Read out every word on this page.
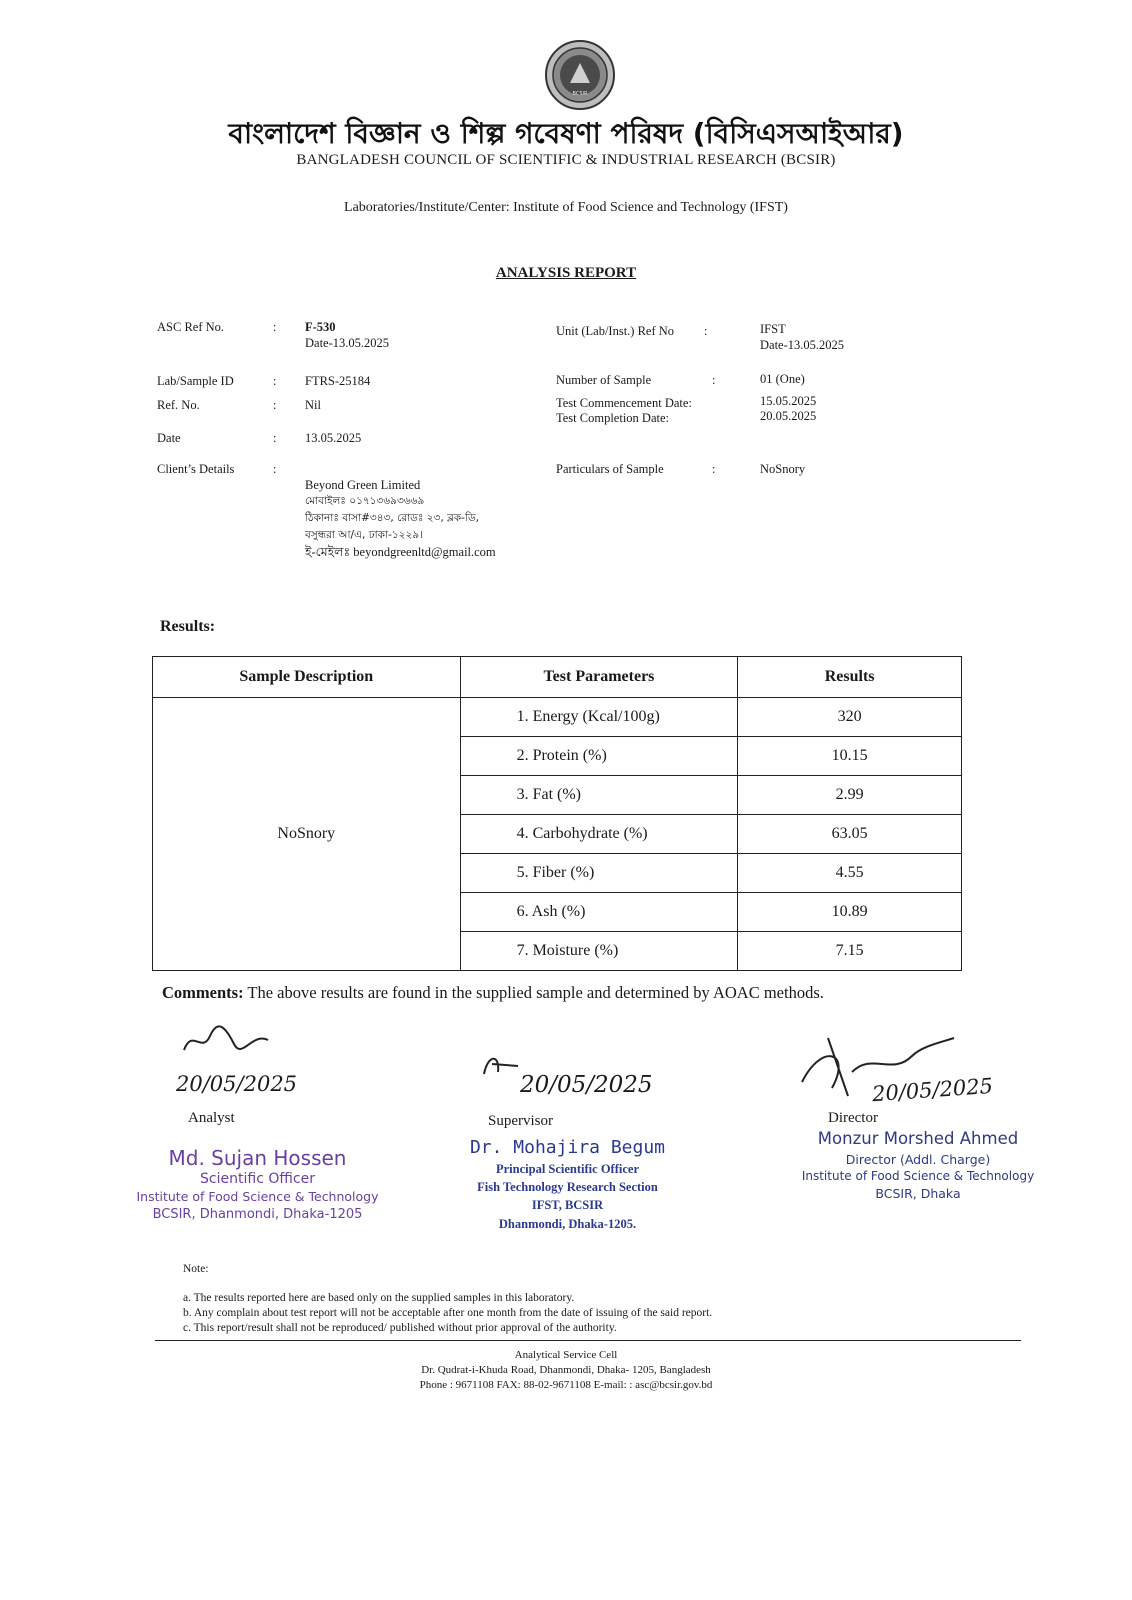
BCSIR
বাংলাদেশ বিজ্ঞান ও শিল্প গবেষণা পরিষদ (বিসিএসআইআর)
BANGLADESH COUNCIL OF SCIENTIFIC & INDUSTRIAL RESEARCH (BCSIR)
Laboratories/Institute/Center: Institute of Food Science and Technology (IFST)
ANALYSIS REPORT
ASC Ref No.	: F-530
Date-13.05.2025
Lab/Sample ID	: FTRS-25184
Ref. No.	: Nil
Date	: 13.05.2025
Client’s Details	:
Beyond Green Limited
মোবাইলঃ ০১৭১৩৬৯৩৬৬৯
ঠিকানাঃ বাসা#৩৪৩, রোডঃ ২৩, ব্লক-ডি,
বসুন্ধরা আ/এ, ঢাকা-১২২৯।
ই-মেইলঃ beyondgreenltd@gmail.com
Unit (Lab/Inst.) Ref No :	IFST
Date-13.05.2025
Number of Sample	:	01 (One)
Test Commencement Date:	15.05.2025
Test Completion Date:	20.05.2025
Particulars of Sample	:	NoSnory
Results:
Sample Description	Test Parameters	Results
NoSnory	1. Energy (Kcal/100g)	320
	2. Protein (%)	10.15
	3. Fat (%)	2.99
	4. Carbohydrate (%)	63.05
	5. Fiber (%)	4.55
	6. Ash (%)	10.89
	7. Moisture (%)	7.15
Comments: The above results are found in the supplied sample and determined by AOAC methods.
20/05/2025
Analyst
Md. Sujan Hossen
Scientific Officer
Institute of Food Science & Technology
BCSIR, Dhanmondi, Dhaka-1205
20/05/2025
Supervisor
Dr. Mohajira Begum
Principal Scientific Officer
Fish Technology Research Section
IFST, BCSIR
Dhanmondi, Dhaka-1205.
20/05/2025
Director
Monzur Morshed Ahmed
Director (Addl. Charge)
Institute of Food Science & Technology
BCSIR, Dhaka
Note:
a. The results reported here are based only on the supplied samples in this laboratory.
b. Any complain about test report will not be acceptable after one month from the date of issuing of the said report.
c. This report/result shall not be reproduced/ published without prior approval of the authority.
Analytical Service Cell
Dr. Qudrat-i-Khuda Road, Dhanmondi, Dhaka- 1205, Bangladesh
Phone : 9671108 FAX: 88-02-9671108 E-mail: : asc@bcsir.gov.bd
